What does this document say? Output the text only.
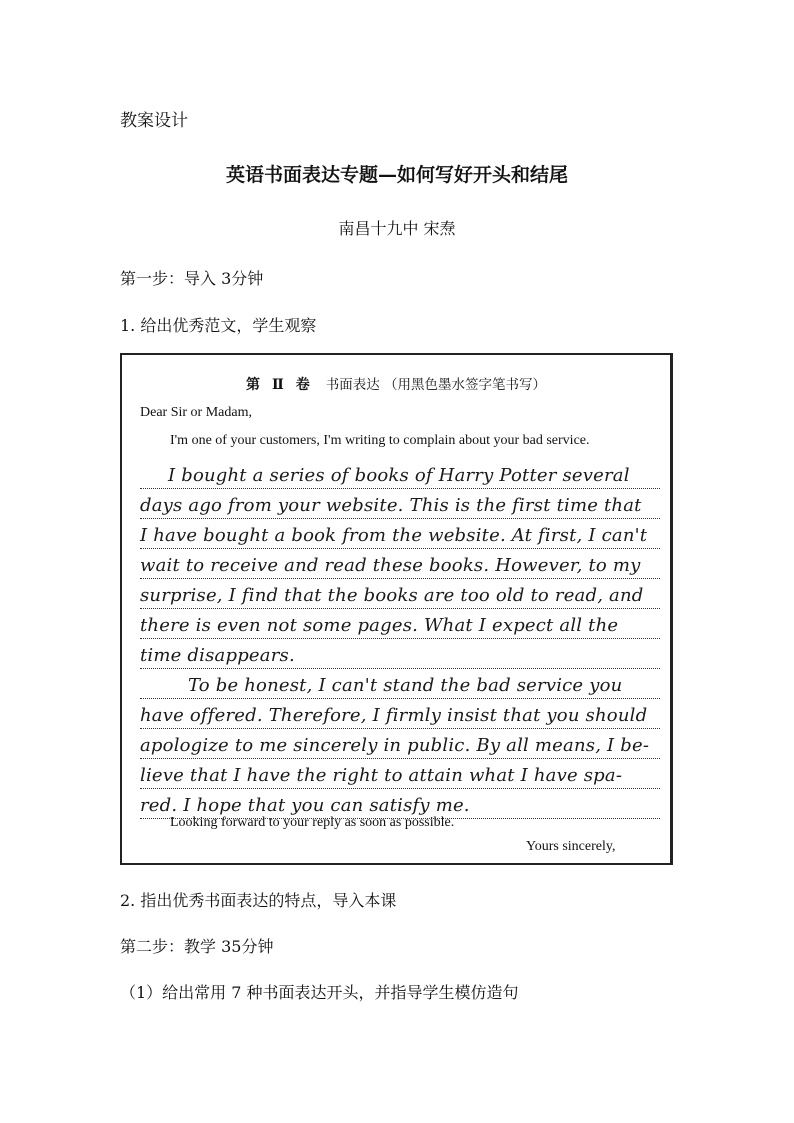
教案设计
英语书面表达专题—如何写好开头和结尾
南昌十九中 宋焘
第一步：导入 3分钟
1. 给出优秀范文，学生观察
第 Ⅱ 卷 书面表达 （用黑色墨水签字笔书写）
Dear Sir or Madam,
I'm one of your customers, I'm writing to complain about your bad service.
I bought a series of books of Harry Potter several
days ago from your website. This is the first time that
I have bought a book from the website. At first, I can't
wait to receive and read these books. However, to my
surprise, I find that the books are too old to read, and
there is even not some pages. What I expect all the
time disappears.
To be honest, I can't stand the bad service you
have offered. Therefore, I firmly insist that you should
apologize to me sincerely in public. By all means, I be-
lieve that I have the right to attain what I have spa-
red. I hope that you can satisfy me.
Looking forward to your reply as soon as possible.
Yours sincerely,
2. 指出优秀书面表达的特点，导入本课
第二步：教学 35分钟
（1）给出常用 7 种书面表达开头，并指导学生模仿造句
